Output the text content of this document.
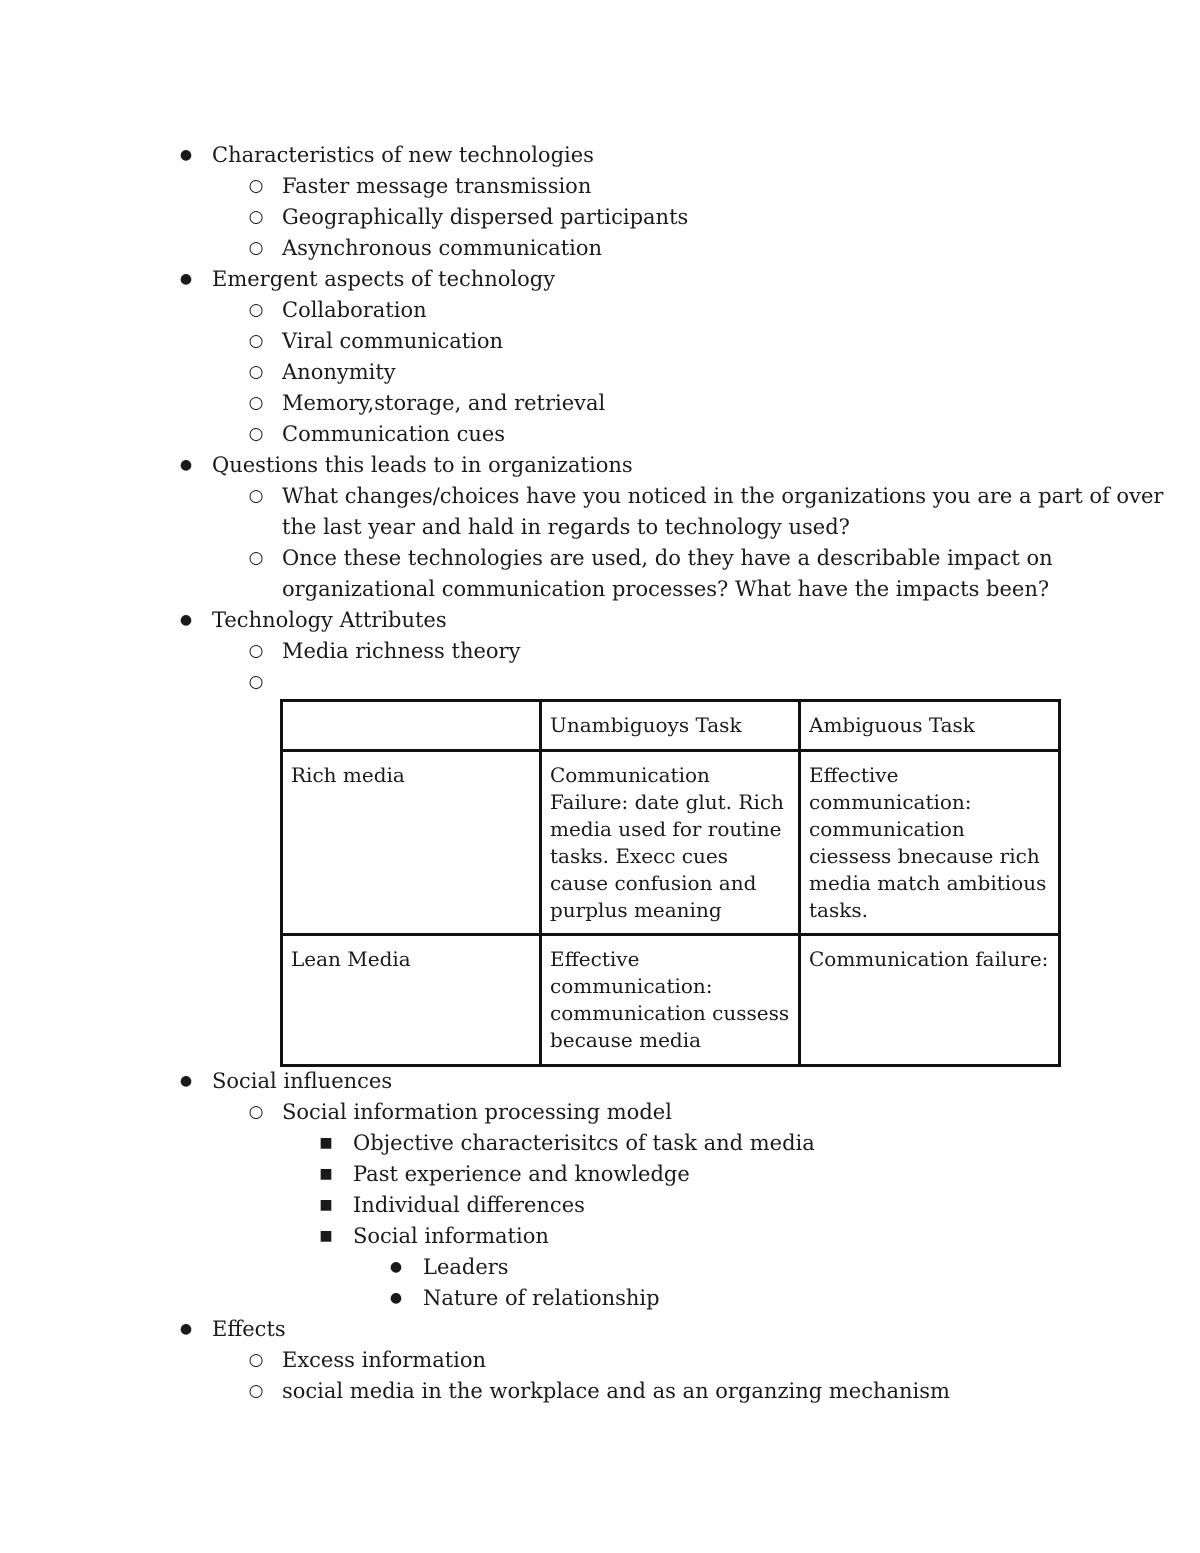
● Characteristics of new technologies
○ Faster message transmission
○ Geographically dispersed participants
○ Asynchronous communication
● Emergent aspects of technology
○ Collaboration
○ Viral communication
○ Anonymity
○ Memory,storage, and retrieval
○ Communication cues
● Questions this leads to in organizations
○ What changes/choices have you noticed in the organizations you are a part of over
the last year and hald in regards to technology used?
○ Once these technologies are used, do they have a describable impact on
organizational communication processes? What have the impacts been?
● Technology Attributes
○ Media richness theory
○
	Unambiguoys Task	Ambiguous Task
Rich media	Communication Failure: date glut. Rich media used for routine tasks. Execc cues cause confusion and purplus meaning	Effective communication: communication ciessess bnecause rich media match ambitious tasks.
Lean Media	Effective communication: communication cussess because media	Communication failure:
● Social influences
○ Social information processing model
■ Objective characterisitcs of task and media
■ Past experience and knowledge
■ Individual differences
■ Social information
● Leaders
● Nature of relationship
● Effects
○ Excess information
○ social media in the workplace and as an organzing mechanism
